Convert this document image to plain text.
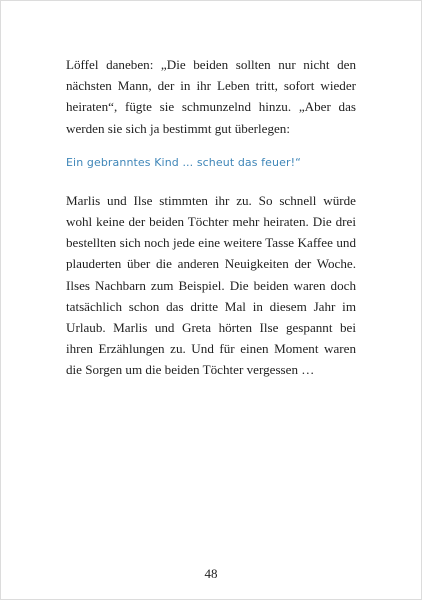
Löffel daneben: „Die beiden sollten nur nicht den nächsten Mann, der in ihr Leben tritt, sofort wieder heiraten“, fügte sie schmunzelnd hinzu. „Aber das werden sie sich ja bestimmt gut überlegen:

Ein gebranntes Kind ... scheut das feuer!“

Marlis und Ilse stimmten ihr zu. So schnell würde wohl keine der beiden Töchter mehr heiraten. Die drei bestellten sich noch jede eine weitere Tasse Kaffee und plauderten über die anderen Neuigkeiten der Woche. Ilses Nachbarn zum Beispiel. Die beiden waren doch tatsächlich schon das dritte Mal in diesem Jahr im Urlaub. Marlis und Greta hörten Ilse gespannt bei ihren Erzählungen zu. Und für einen Moment waren die Sorgen um die beiden Töchter vergessen …

48
